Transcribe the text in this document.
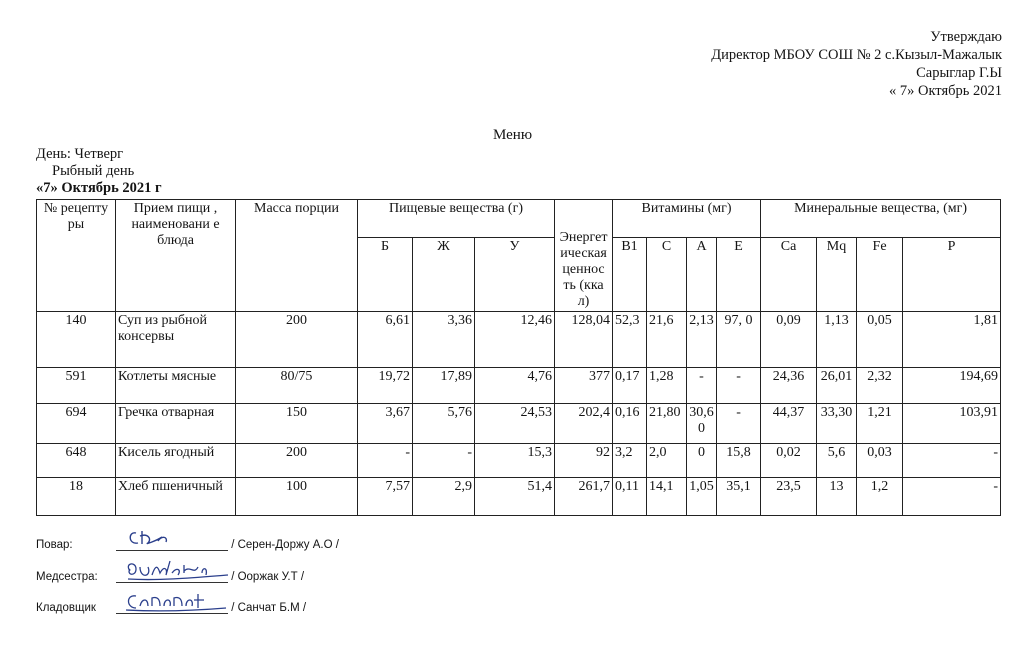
Утверждаю
Директор МБОУ СОШ № 2 с.Кызыл-Мажалык
Сарыглар Г.Ы
« 7» Октябрь 2021
Меню
День: Четверг
Рыбный день
«7» Октябрь 2021 г
№ рецепту ры	Прием пищи , наименовани е блюда	Масса порции	Пищевые вещества (г)			Энергет ическая ценнос ть (кка л)	Витамины (мг)				Минеральные вещества, (мг)			
			Б	Ж	У		В1	С	А	Е	Са	Мq	Fe	Р
140	Суп из рыбной консервы	200	6,61	3,36	12,46	128,04	52,3	21,6	2,13	97, 0	0,09	1,13	0,05	1,81
591	Котлеты мясные	80/75	19,72	17,89	4,76	377	0,17	1,28	-	-	24,36	26,01	2,32	194,69
694	Гречка отварная	150	3,67	5,76	24,53	202,4	0,16	21,80	30,6 0	-	44,37	33,30	1,21	103,91
648	Кисель ягодный	200	-	-	15,3	92	3,2	2,0	0	15,8	0,02	5,6	0,03	-
18	Хлеб пшеничный	100	7,57	2,9	51,4	261,7	0,11	14,1	1,05	35,1	23,5	13	1,2	-
Повар:	/ Серен-Доржу А.О /
Медсестра:	/ Ооржак У.Т /
Кладовщик	/ Санчат Б.М /
